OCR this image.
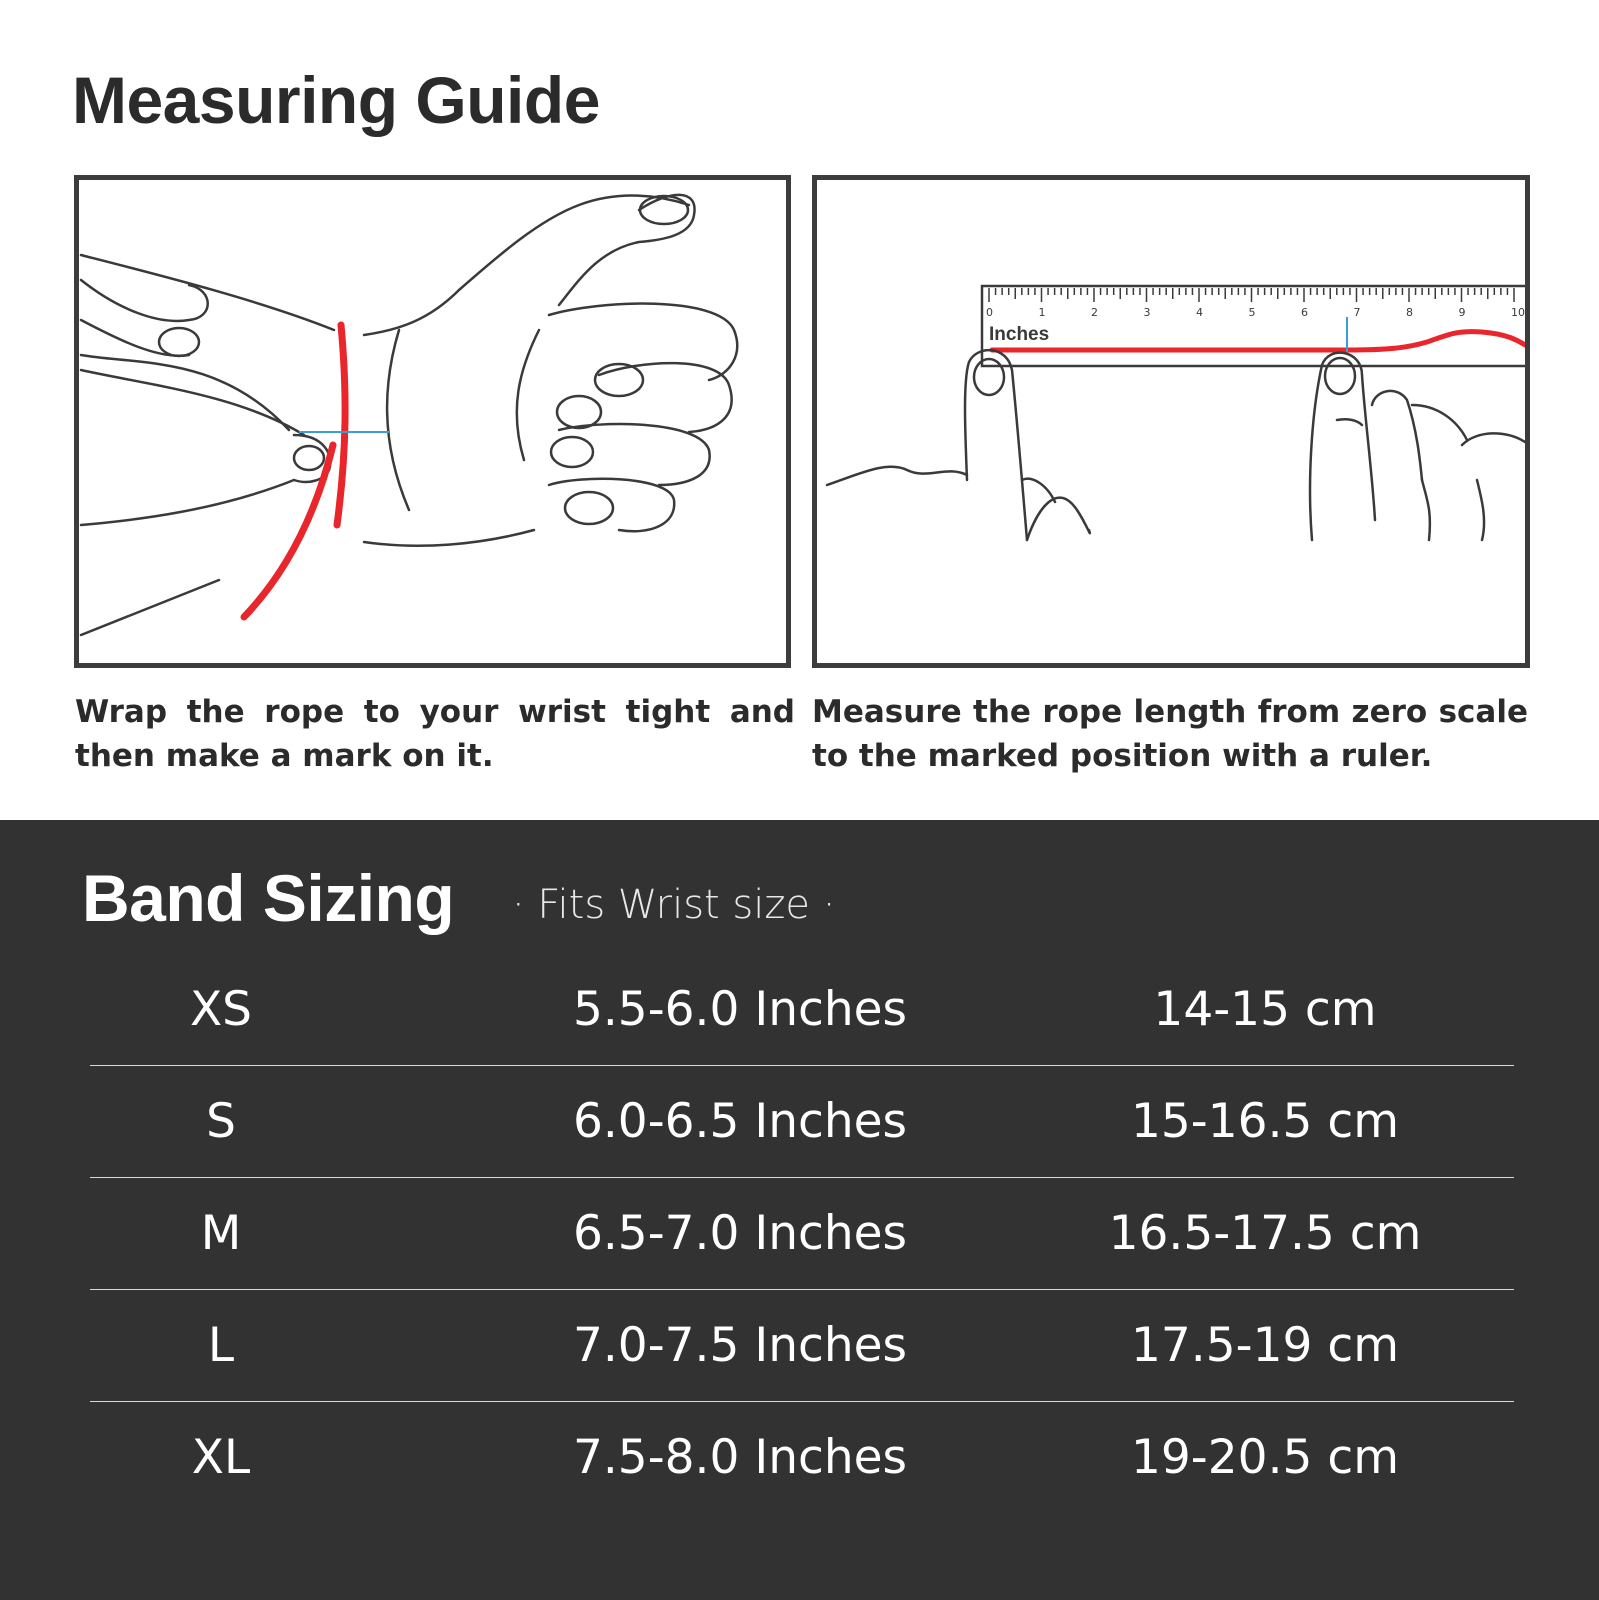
Measuring Guide
0	1	2	3	4	5	6	7	8	9	10
Inches
Wrap the rope to your wrist tight and then make a mark on it.
Measure the rope length from zero scale to the marked position with a ruler.
Band Sizing · Fits Wrist size ·
XS	5.5-6.0 Inches	14-15 cm
S	6.0-6.5 Inches	15-16.5 cm
M	6.5-7.0 Inches	16.5-17.5 cm
L	7.0-7.5 Inches	17.5-19 cm
XL	7.5-8.0 Inches	19-20.5 cm
